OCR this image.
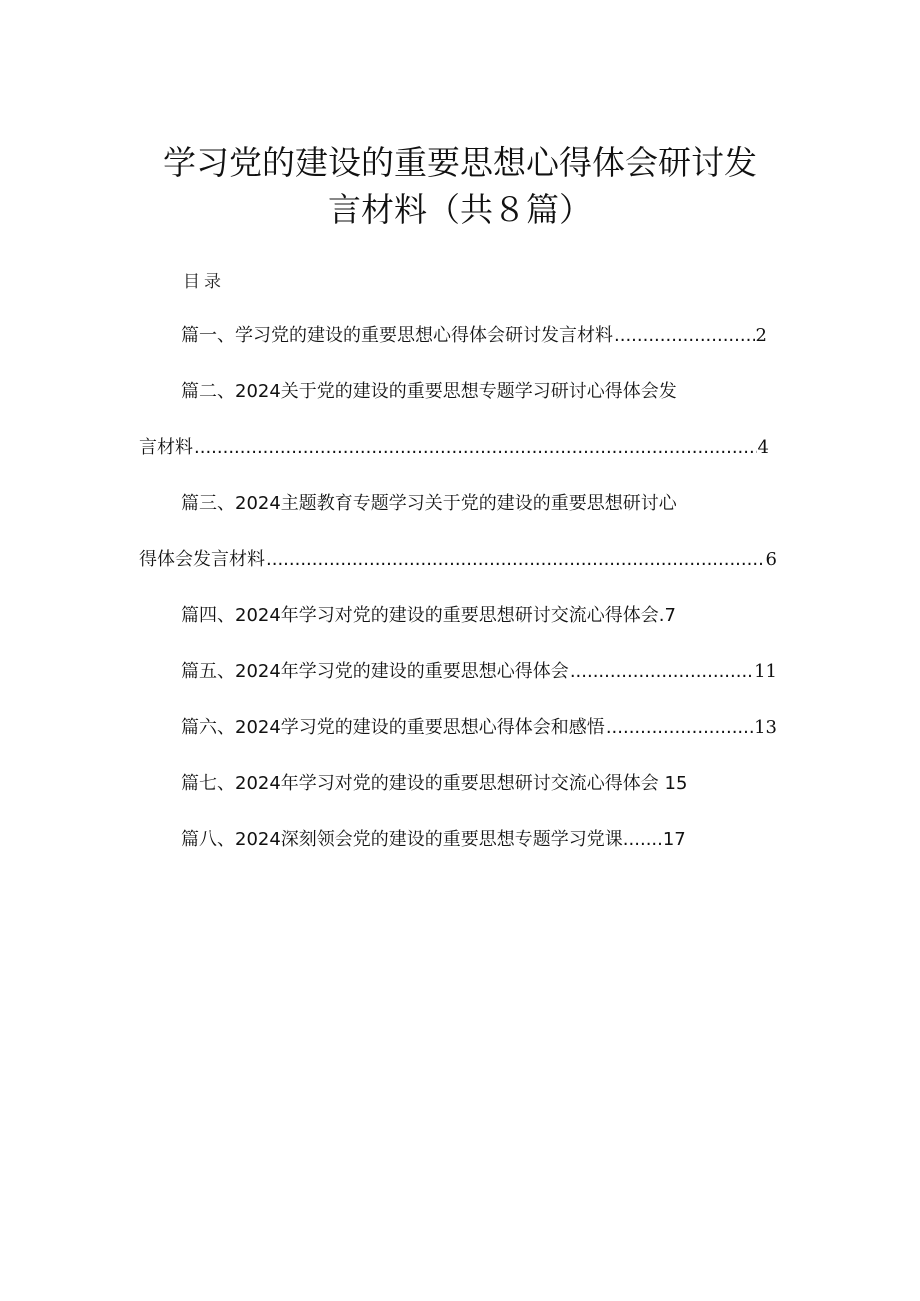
学习党的建设的重要思想心得体会研讨发
言材料（共８篇）
目录
篇一、学习党的建设的重要思想心得体会研讨发言材料 .....	2
篇二、2024关于党的建设的重要思想专题学习研讨心得体会发
言材料 .....	4
篇三、2024主题教育专题学习关于党的建设的重要思想研讨心
得体会发言材料 .....	6
篇四、2024年学习对党的建设的重要思想研讨交流心得体会.7
篇五、2024年学习党的建设的重要思想心得体会 .....	11
篇六、2024学习党的建设的重要思想心得体会和感悟 .....	13
篇七、2024年学习对党的建设的重要思想研讨交流心得体会 15
篇八、2024深刻领会党的建设的重要思想专题学习党课.......17
